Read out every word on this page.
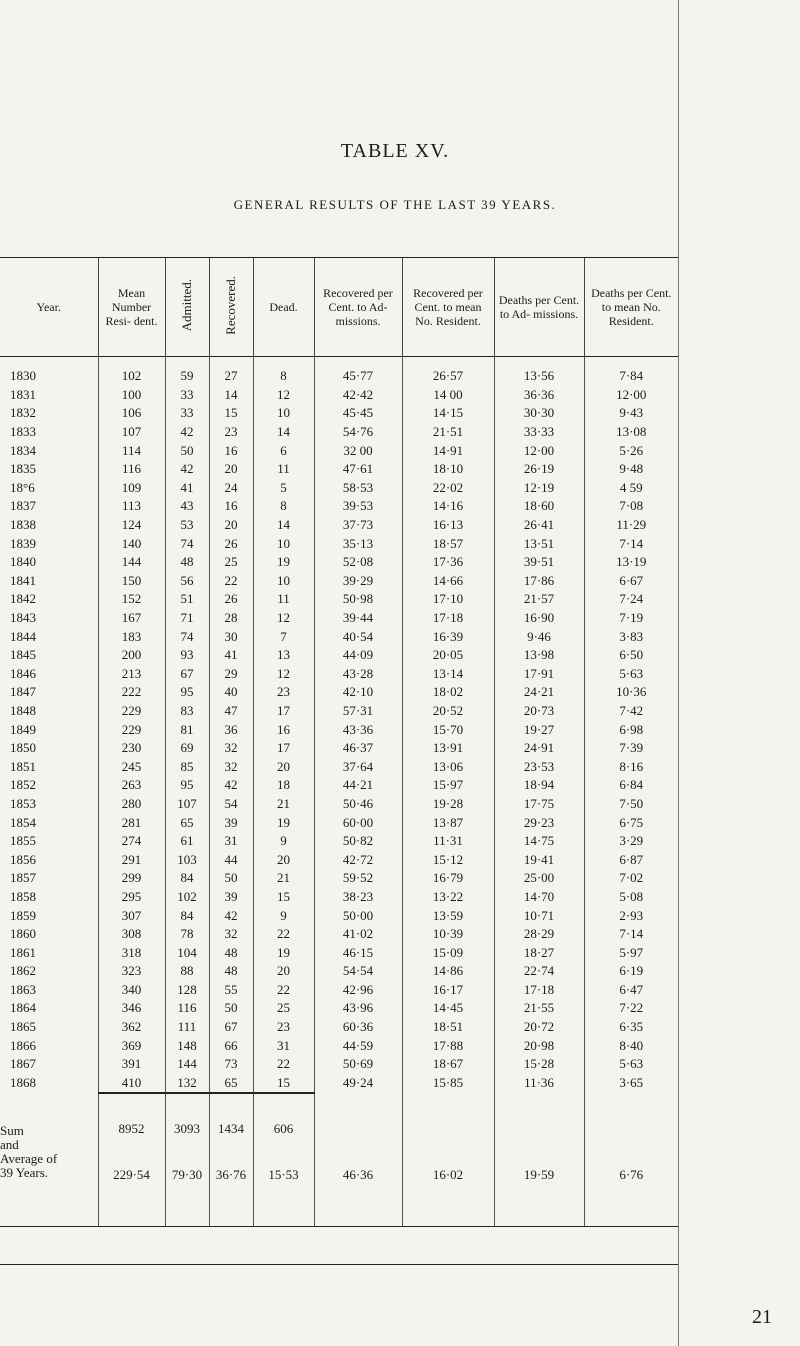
TABLE XV.
GENERAL RESULTS OF THE LAST 39 YEARS.
Year.	Mean Number Resi- dent.	Admitted.	Recovered.	Dead.	Recovered per Cent. to Ad- missions.	Recovered per Cent. to mean No. Resident.	Deaths per Cent. to Ad- missions.	Deaths per Cent. to mean No. Resident.
1830	102	59	27	8	45·77	26·57	13·56	7·84
1831	100	33	14	12	42·42	14 00	36·36	12·00
1832	106	33	15	10	45·45	14·15	30·30	9·43
1833	107	42	23	14	54·76	21·51	33·33	13·08
1834	114	50	16	6	32 00	14·91	12·00	5·26
1835	116	42	20	11	47·61	18·10	26·19	9·48
18°6	109	41	24	5	58·53	22·02	12·19	4 59
1837	113	43	16	8	39·53	14·16	18·60	7·08
1838	124	53	20	14	37·73	16·13	26·41	11·29
1839	140	74	26	10	35·13	18·57	13·51	7·14
1840	144	48	25	19	52·08	17·36	39·51	13·19
1841	150	56	22	10	39·29	14·66	17·86	6·67
1842	152	51	26	11	50·98	17·10	21·57	7·24
1843	167	71	28	12	39·44	17·18	16·90	7·19
1844	183	74	30	7	40·54	16·39	9·46	3·83
1845	200	93	41	13	44·09	20·05	13·98	6·50
1846	213	67	29	12	43·28	13·14	17·91	5·63
1847	222	95	40	23	42·10	18·02	24·21	10·36
1848	229	83	47	17	57·31	20·52	20·73	7·42
1849	229	81	36	16	43·36	15·70	19·27	6·98
1850	230	69	32	17	46·37	13·91	24·91	7·39
1851	245	85	32	20	37·64	13·06	23·53	8·16
1852	263	95	42	18	44·21	15·97	18·94	6·84
1853	280	107	54	21	50·46	19·28	17·75	7·50
1854	281	65	39	19	60·00	13·87	29·23	6·75
1855	274	61	31	9	50·82	11·31	14·75	3·29
1856	291	103	44	20	42·72	15·12	19·41	6·87
1857	299	84	50	21	59·52	16·79	25·00	7·02
1858	295	102	39	15	38·23	13·22	14·70	5·08
1859	307	84	42	9	50·00	13·59	10·71	2·93
1860	308	78	32	22	41·02	10·39	28·29	7·14
1861	318	104	48	19	46·15	15·09	18·27	5·97
1862	323	88	48	20	54·54	14·86	22·74	6·19
1863	340	128	55	22	42·96	16·17	17·18	6·47
1864	346	116	50	25	43·96	14·45	21·55	7·22
1865	362	111	67	23	60·36	18·51	20·72	6·35
1866	369	148	66	31	44·59	17·88	20·98	8·40
1867	391	144	73	22	50·69	18·67	15·28	5·63
1868	410	132	65	15	49·24	15·85	11·36	3·65
Sum	8952	3093	1434	606				

and
Average of
39 Years.	229·54	79·30	36·76	15·53	46·36	16·02	19·59	6·76
21
